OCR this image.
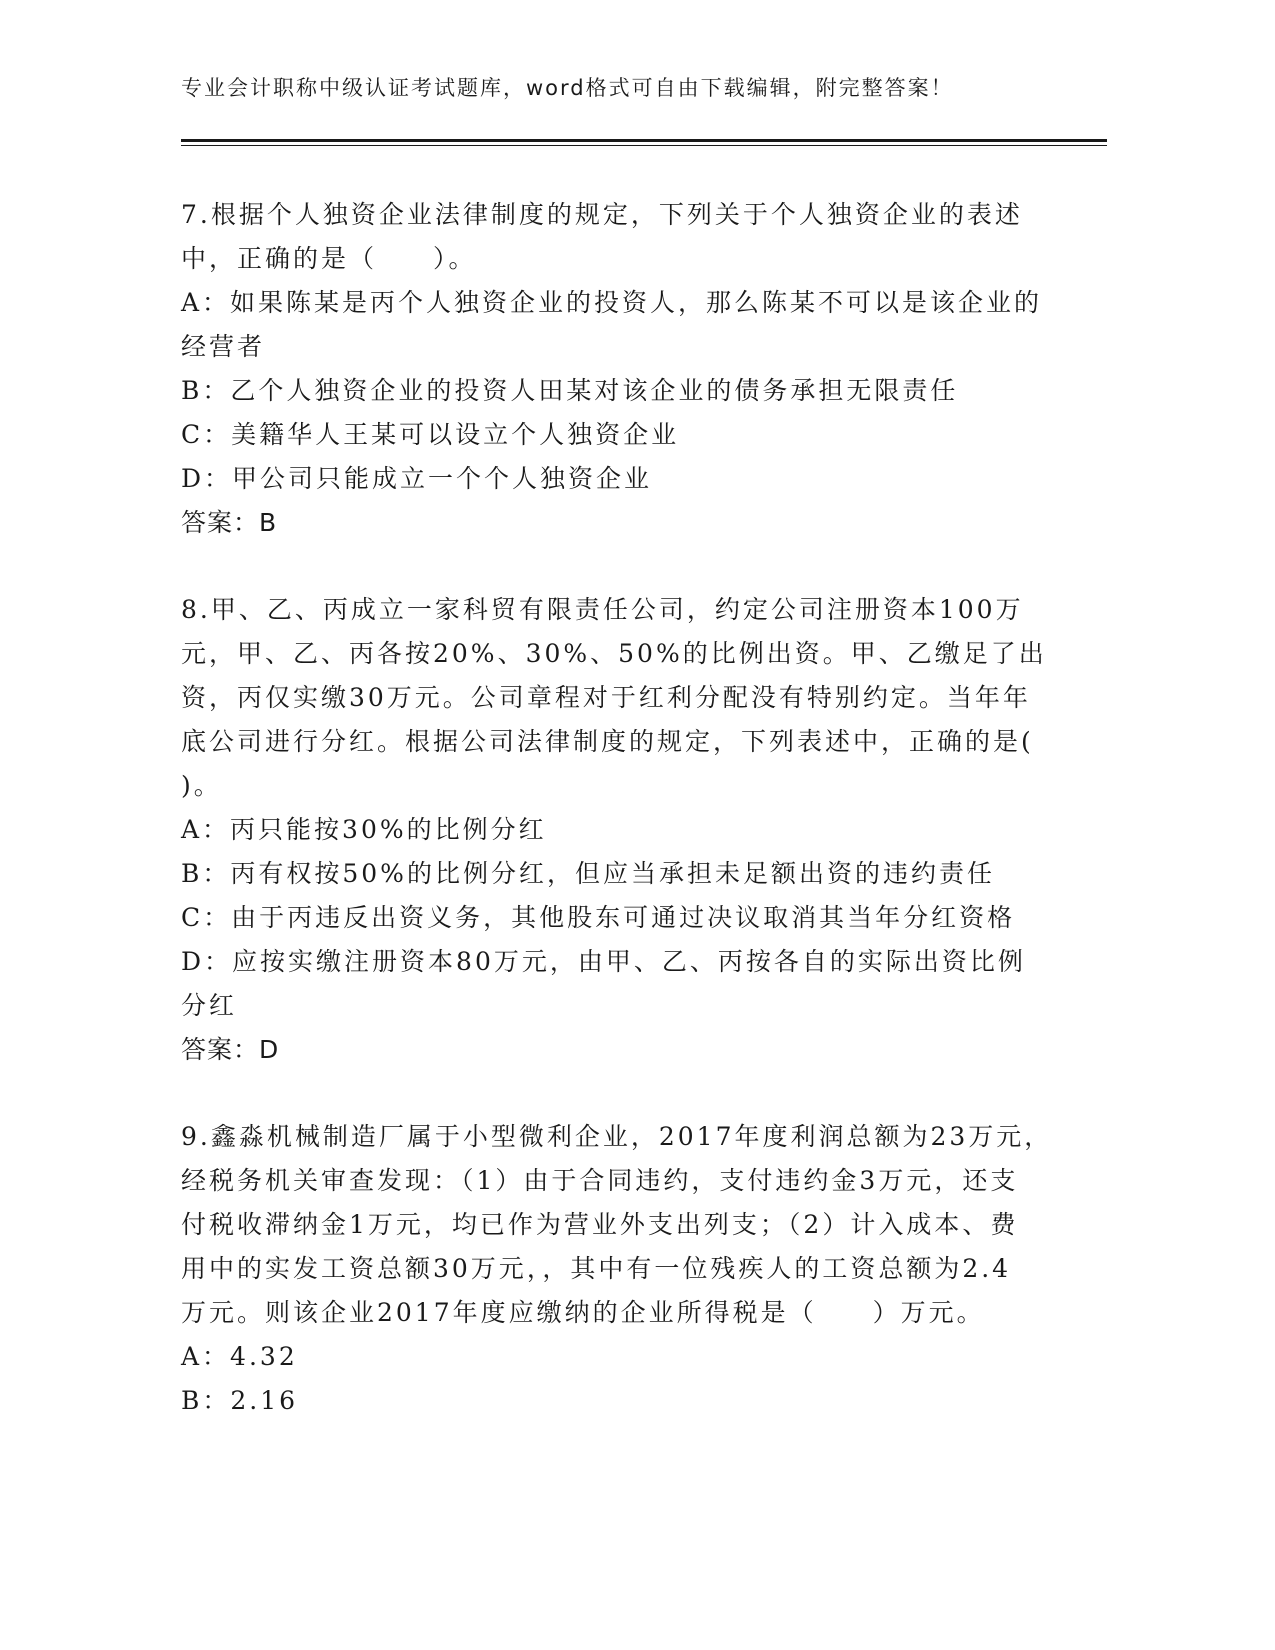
专业会计职称中级认证考试题库，word格式可自由下载编辑，附完整答案！
7.根据个人独资企业法律制度的规定，下列关于个人独资企业的表述
中，正确的是（　　）。
A：如果陈某是丙个人独资企业的投资人，那么陈某不可以是该企业的
经营者
B：乙个人独资企业的投资人田某对该企业的债务承担无限责任
C：美籍华人王某可以设立个人独资企业
D：甲公司只能成立一个个人独资企业
答案：B
8.甲、乙、丙成立一家科贸有限责任公司，约定公司注册资本100万
元，甲、乙、丙各按20%、30%、50%的比例出资。甲、乙缴足了出
资，丙仅实缴30万元。公司章程对于红利分配没有特别约定。当年年
底公司进行分红。根据公司法律制度的规定，下列表述中，正确的是(
)。
A：丙只能按30%的比例分红
B：丙有权按50%的比例分红，但应当承担未足额出资的违约责任
C：由于丙违反出资义务，其他股东可通过决议取消其当年分红资格
D：应按实缴注册资本80万元，由甲、乙、丙按各自的实际出资比例
分红
答案：D
9.鑫淼机械制造厂属于小型微利企业，2017年度利润总额为23万元，
经税务机关审查发现：（1）由于合同违约，支付违约金3万元，还支
付税收滞纳金1万元，均已作为营业外支出列支；（2）计入成本、费
用中的实发工资总额30万元，，其中有一位残疾人的工资总额为2.4
万元。则该企业2017年度应缴纳的企业所得税是（　　）万元。
A：4.32
B：2.16
